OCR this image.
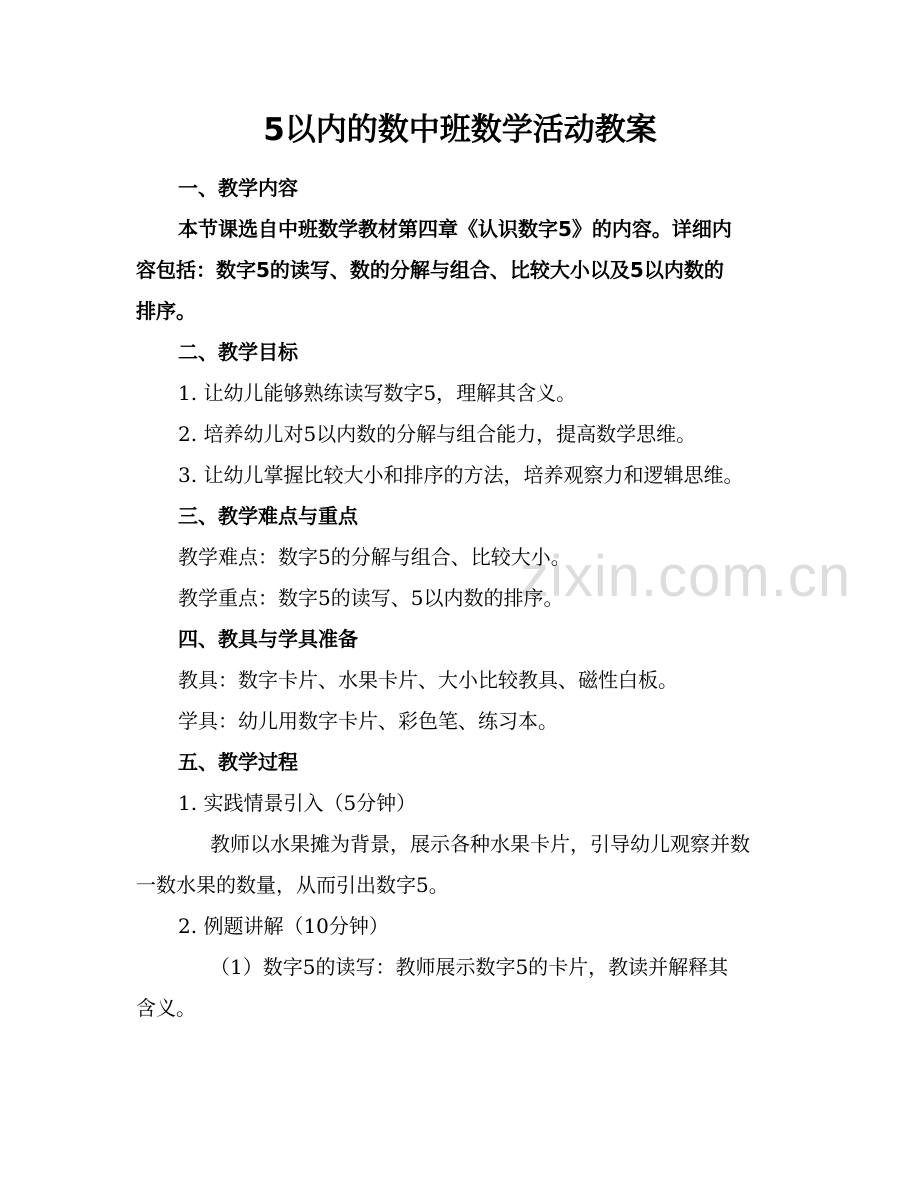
5以内的数中班数学活动教案
一、教学内容
本节课选自中班数学教材第四章《认识数字5》的内容。详细内
容包括：数字5的读写、数的分解与组合、比较大小以及5以内数的
排序。
二、教学目标
1. 让幼儿能够熟练读写数字5，理解其含义。
2. 培养幼儿对5以内数的分解与组合能力，提高数学思维。
3. 让幼儿掌握比较大小和排序的方法，培养观察力和逻辑思维。
三、教学难点与重点
教学难点：数字5的分解与组合、比较大小。
教学重点：数字5的读写、5以内数的排序。
四、教具与学具准备
教具：数字卡片、水果卡片、大小比较教具、磁性白板。
学具：幼儿用数字卡片、彩色笔、练习本。
五、教学过程
1. 实践情景引入（5分钟）
教师以水果摊为背景，展示各种水果卡片，引导幼儿观察并数
一数水果的数量，从而引出数字5。
2. 例题讲解（10分钟）
（1）数字5的读写：教师展示数字5的卡片，教读并解释其
含义。
zixin.com.cn
